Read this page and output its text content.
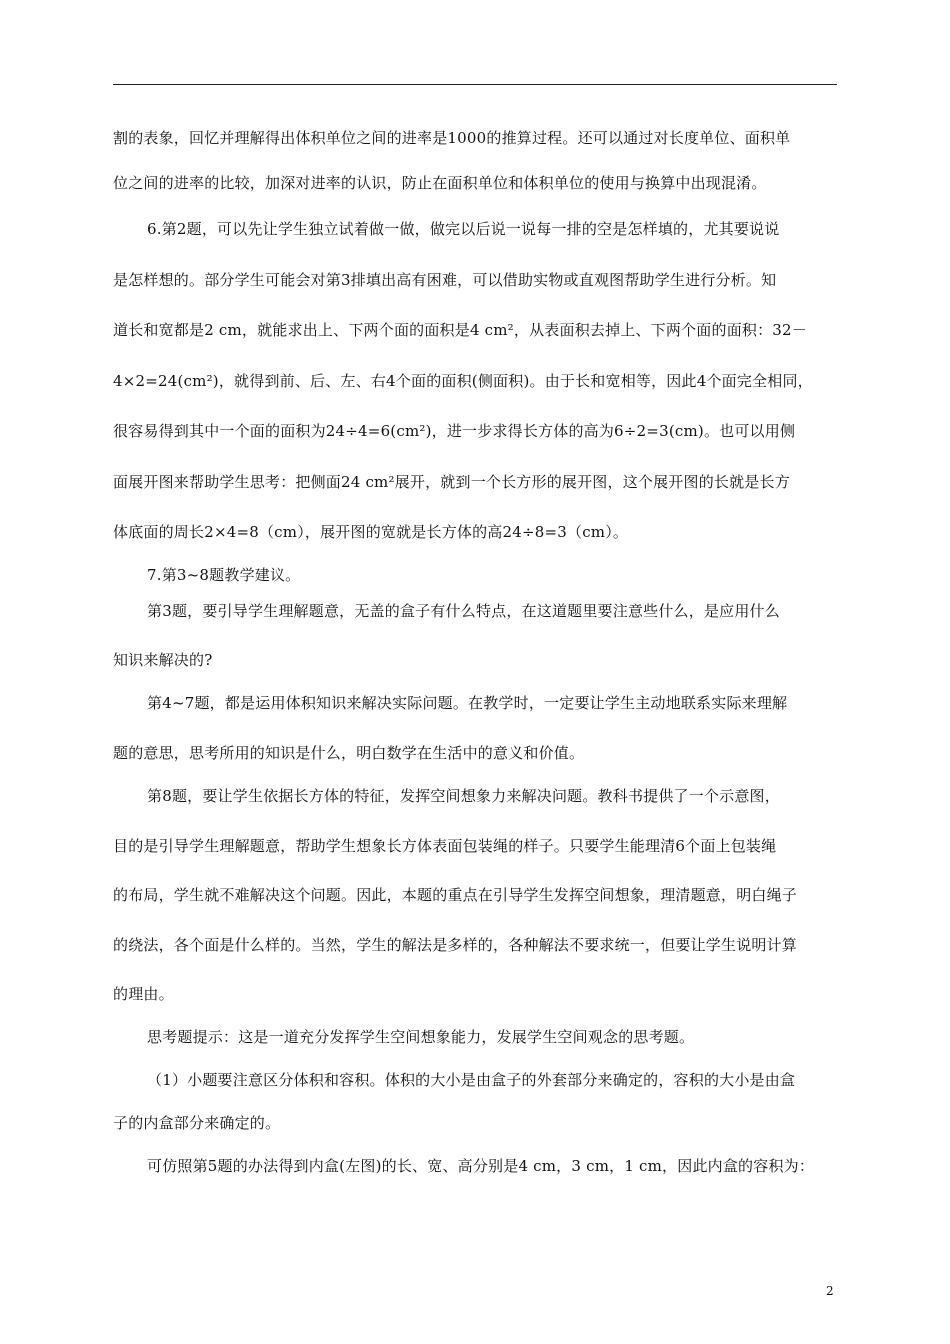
割的表象，回忆并理解得出体积单位之间的进率是1000的推算过程。还可以通过对长度单位、面积单
位之间的进率的比较，加深对进率的认识，防止在面积单位和体积单位的使用与换算中出现混淆。
6.第2题，可以先让学生独立试着做一做，做完以后说一说每一排的空是怎样填的，尤其要说说
是怎样想的。部分学生可能会对第3排填出高有困难，可以借助实物或直观图帮助学生进行分析。知
道长和宽都是2 cm，就能求出上、下两个面的面积是4 cm²，从表面积去掉上、下两个面的面积：32－
4×2=24(cm²)，就得到前、后、左、右4个面的面积(侧面积)。由于长和宽相等，因此4个面完全相同，
很容易得到其中一个面的面积为24÷4=6(cm²)，进一步求得长方体的高为6÷2=3(cm)。也可以用侧
面展开图来帮助学生思考：把侧面24 cm²展开，就到一个长方形的展开图，这个展开图的长就是长方
体底面的周长2×4=8（cm），展开图的宽就是长方体的高24÷8=3（cm）。
7.第3~8题教学建议。
第3题，要引导学生理解题意，无盖的盒子有什么特点，在这道题里要注意些什么，是应用什么
知识来解决的?
第4~7题，都是运用体积知识来解决实际问题。在教学时，一定要让学生主动地联系实际来理解
题的意思，思考所用的知识是什么，明白数学在生活中的意义和价值。
第8题，要让学生依据长方体的特征，发挥空间想象力来解决问题。教科书提供了一个示意图，
目的是引导学生理解题意，帮助学生想象长方体表面包装绳的样子。只要学生能理清6个面上包装绳
的布局，学生就不难解决这个问题。因此，本题的重点在引导学生发挥空间想象，理清题意，明白绳子
的绕法，各个面是什么样的。当然，学生的解法是多样的，各种解法不要求统一，但要让学生说明计算
的理由。
思考题提示：这是一道充分发挥学生空间想象能力，发展学生空间观念的思考题。
（1）小题要注意区分体积和容积。体积的大小是由盒子的外套部分来确定的，容积的大小是由盒
子的内盒部分来确定的。
可仿照第5题的办法得到内盒(左图)的长、宽、高分别是4 cm，3 cm，1 cm，因此内盒的容积为：
2
